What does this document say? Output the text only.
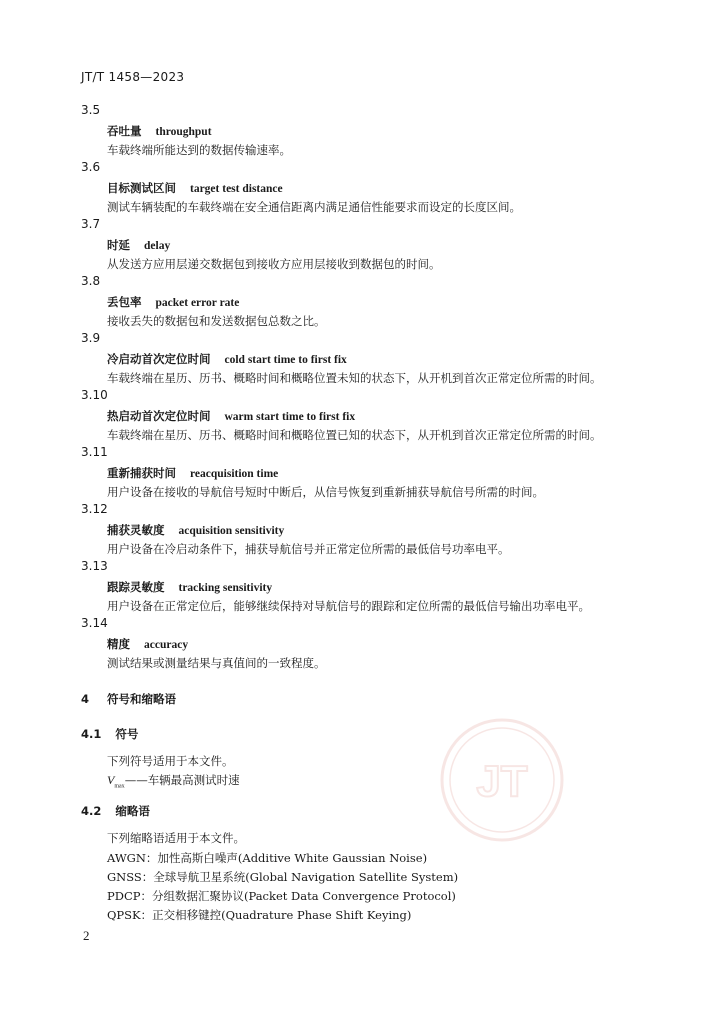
JT/T 1458—2023
3.5
吞吐量 throughput
车载终端所能达到的数据传输速率。
3.6
目标测试区间 target test distance
测试车辆装配的车载终端在安全通信距离内满足通信性能要求而设定的长度区间。
3.7
时延 delay
从发送方应用层递交数据包到接收方应用层接收到数据包的时间。
3.8
丢包率 packet error rate
接收丢失的数据包和发送数据包总数之比。
3.9
冷启动首次定位时间 cold start time to first fix
车载终端在星历、历书、概略时间和概略位置未知的状态下，从开机到首次正常定位所需的时间。
3.10
热启动首次定位时间 warm start time to first fix
车载终端在星历、历书、概略时间和概略位置已知的状态下，从开机到首次正常定位所需的时间。
3.11
重新捕获时间 reacquisition time
用户设备在接收的导航信号短时中断后，从信号恢复到重新捕获导航信号所需的时间。
3.12
捕获灵敏度 acquisition sensitivity
用户设备在冷启动条件下，捕获导航信号并正常定位所需的最低信号功率电平。
3.13
跟踪灵敏度 tracking sensitivity
用户设备在正常定位后，能够继续保持对导航信号的跟踪和定位所需的最低信号输出功率电平。
3.14
精度 accuracy
测试结果或测量结果与真值间的一致程度。
4 符号和缩略语
4.1 符号
下列符号适用于本文件。
$V_{max}——$车辆最高测试时速
4.2 缩略语
下列缩略语适用于本文件。
AWGN：加性高斯白噪声(Additive White Gaussian Noise)
GNSS：全球导航卫星系统(Global Navigation Satellite System)
PDCP：分组数据汇聚协议(Packet Data Convergence Protocol)
QPSK：正交相移键控(Quadrature Phase Shift Keying)
2
JT
